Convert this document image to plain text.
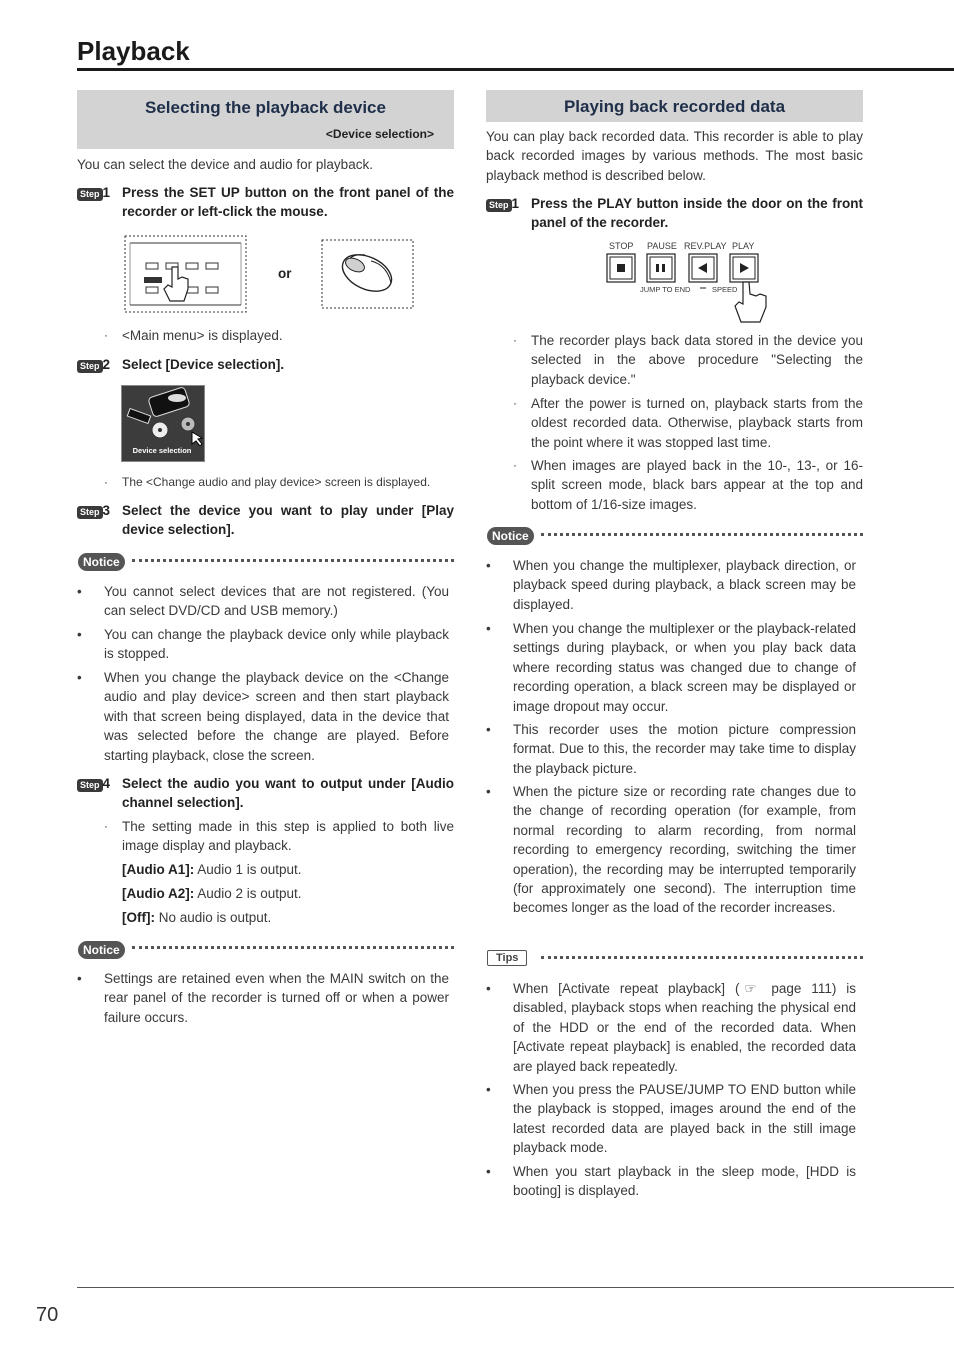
Playback
Selecting the playback device
<Device selection>
You can select the device and audio for playback.
Step 1 Press the SET UP button on the front panel of the recorder or left-click the mouse.
or
· <Main menu> is displayed.
Step 2 Select [Device selection].
Device selection
· The <Change audio and play device> screen is displayed.
Step 3 Select the device you want to play under [Play device selection].
Notice
• You cannot select devices that are not registered. (You can select DVD/CD and USB memory.)
• You can change the playback device only while playback is stopped.
• When you change the playback device on the <Change audio and play device> screen and then start playback with that screen being displayed, data in the device that was selected before the change are played. Before starting playback, close the screen.
Step 4 Select the audio you want to output under [Audio channel selection].
· The setting made in this step is applied to both live image display and playback.
[Audio A1]: Audio 1 is output.
[Audio A2]: Audio 2 is output.
[Off]: No audio is output.
Notice
• Settings are retained even when the MAIN switch on the rear panel of the recorder is turned off or when a power failure occurs.
Playing back recorded data
You can play back recorded data. This recorder is able to play back recorded images by various methods. The most basic playback method is described below.
Step 1 Press the PLAY button inside the door on the front panel of the recorder.
STOP PAUSE REV.PLAY PLAY
JUMP TO END	SPEED
· The recorder plays back data stored in the device you selected in the above procedure "Selecting the playback device."
· After the power is turned on, playback starts from the oldest recorded data. Otherwise, playback starts from the point where it was stopped last time.
· When images are played back in the 10-, 13-, or 16-split screen mode, black bars appear at the top and bottom of 1/16-size images.
Notice
• When you change the multiplexer, playback direction, or playback speed during playback, a black screen may be displayed.
• When you change the multiplexer or the playback-related settings during playback, or when you play back data where recording status was changed due to change of recording operation, a black screen may be displayed or image dropout may occur.
• This recorder uses the motion picture compression format. Due to this, the recorder may take time to display the playback picture.
• When the picture size or recording rate changes due to the change of recording operation (for example, from normal recording to alarm recording, from normal recording to emergency recording, switching the timer operation), the recording may be interrupted temporarily (for approximately one second). The interruption time becomes longer as the load of the recorder increases.
Tips
• When [Activate repeat playback] ( ☞ page 111) is disabled, playback stops when reaching the physical end of the HDD or the end of the recorded data. When [Activate repeat playback] is enabled, the recorded data are played back repeatedly.
• When you press the PAUSE/JUMP TO END button while the playback is stopped, images around the end of the latest recorded data are played back in the still image playback mode.
• When you start playback in the sleep mode, [HDD is booting] is displayed.
70
